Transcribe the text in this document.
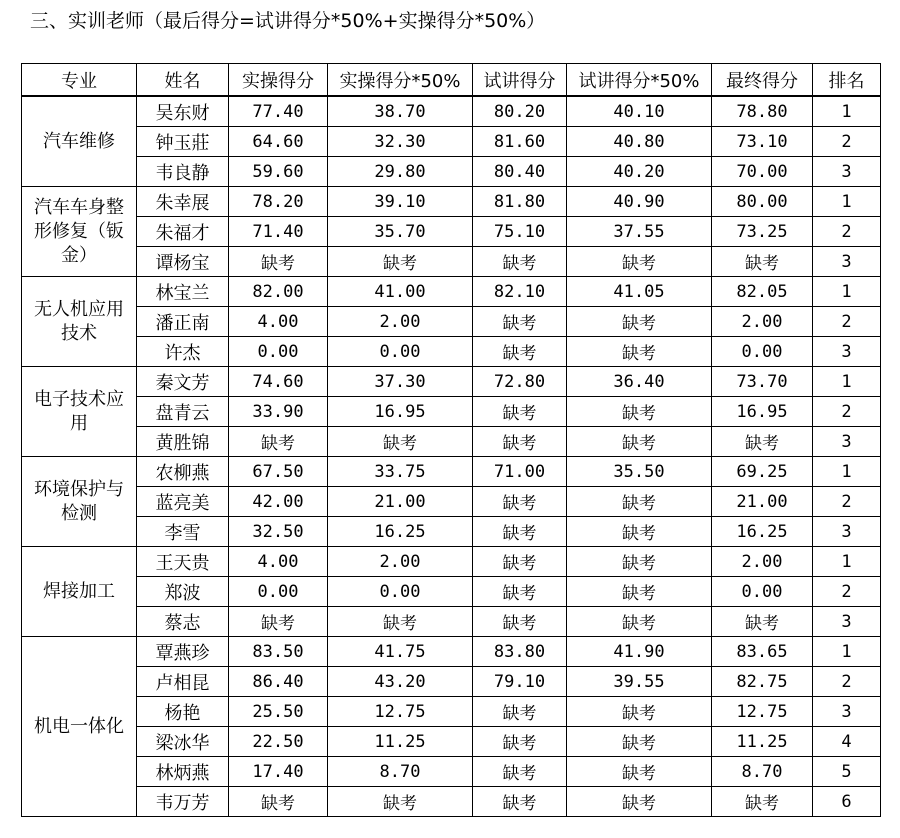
三、实训老师（最后得分=试讲得分*50%+实操得分*50%）
专业	姓名	实操得分	实操得分*50%	试讲得分	试讲得分*50%	最终得分	排名
汽车维修	吴东财	77.40	38.70	80.20	40.10	78.80	1
	钟玉莊	64.60	32.30	81.60	40.80	73.10	2
	韦良静	59.60	29.80	80.40	40.20	70.00	3
汽车车身整形修复（钣金）	朱幸展	78.20	39.10	81.80	40.90	80.00	1
	朱福才	71.40	35.70	75.10	37.55	73.25	2
	谭杨宝	缺考	缺考	缺考	缺考	缺考	3
无人机应用技术	林宝兰	82.00	41.00	82.10	41.05	82.05	1
	潘正南	4.00	2.00	缺考	缺考	2.00	2
	许杰	0.00	0.00	缺考	缺考	0.00	3
电子技术应用	秦文芳	74.60	37.30	72.80	36.40	73.70	1
	盘青云	33.90	16.95	缺考	缺考	16.95	2
	黄胜锦	缺考	缺考	缺考	缺考	缺考	3
环境保护与检测	农柳燕	67.50	33.75	71.00	35.50	69.25	1
	蓝亮美	42.00	21.00	缺考	缺考	21.00	2
	李雪	32.50	16.25	缺考	缺考	16.25	3
焊接加工	王天贵	4.00	2.00	缺考	缺考	2.00	1
	郑波	0.00	0.00	缺考	缺考	0.00	2
	蔡志	缺考	缺考	缺考	缺考	缺考	3
机电一体化	覃燕珍	83.50	41.75	83.80	41.90	83.65	1
	卢相昆	86.40	43.20	79.10	39.55	82.75	2
	杨艳	25.50	12.75	缺考	缺考	12.75	3
	梁冰华	22.50	11.25	缺考	缺考	11.25	4
	林炳燕	17.40	8.70	缺考	缺考	8.70	5
	韦万芳	缺考	缺考	缺考	缺考	缺考	6
